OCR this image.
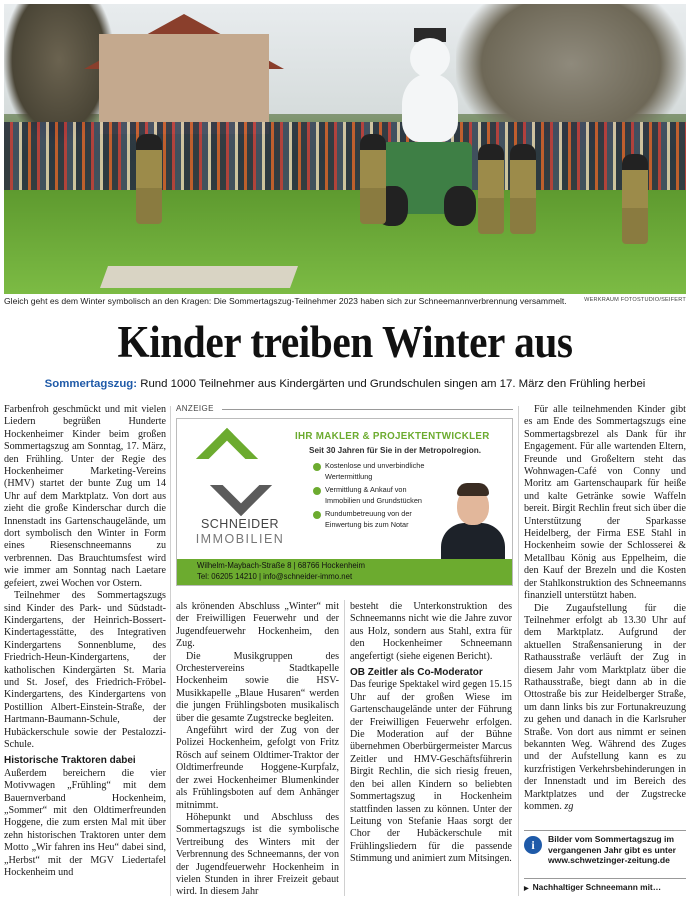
Gleich geht es dem Winter symbolisch an den Kragen: Die Sommertagszug-Teilnehmer 2023 haben sich zur Schneemannverbrennung versammelt.	WERKRAUM FOTOSTUDIO/SEIFERT
Kinder treiben Winter aus
Sommertagszug: Rund 1000 Teilnehmer aus Kindergärten und Grundschulen singen am 17. März den Frühling herbei

Farbenfroh geschmückt und mit vielen Liedern begrüßen Hunderte Hockenheimer Kinder beim großen Sommertagszug am Sonntag, 17. März, den Frühling. Unter der Regie des Hockenheimer Marketing-Vereins (HMV) startet der bunte Zug um 14 Uhr auf dem Marktplatz. Von dort aus zieht die große Kinderschar durch die Innenstadt ins Gartenschaugelände, um dort symbolisch den Winter in Form eines Riesenschneemanns zu verbrennen. Das Brauchtumsfest wird wie immer am Sonntag nach Laetare gefeiert, zwei Wochen vor Ostern.

Teilnehmer des Sommertagszugs sind Kinder des Park- und Südstadt-Kindergartens, der Heinrich-Bossert-Kindertagesstätte, des Integrativen Kindergartens Sonnenblume, des Friedrich-Heun-Kindergartens, der katholischen Kindergärten St. Maria und St. Josef, des Friedrich-Fröbel-Kindergartens, des Kindergartens von Postillion Albert-Einstein-Straße, der Hartmann-Baumann-Schule, der Hubäckerschule sowie der Pestalozzi-Schule.

Historische Traktoren dabei

Außerdem bereichern die vier Motivwagen „Frühling“ mit dem Bauernverband Hockenheim, „Sommer“ mit den Oldtimerfreunden Hoggene, die zum ersten Mal mit über zehn historischen Traktoren unter dem Motto „Wir fahren ins Heu“ dabei sind, „Herbst“ mit der MGV Liedertafel Hockenheim und

ANZEIGE
SCHNEIDER
IMMOBILIEN
IHR MAKLER & PROJEKTENTWICKLER
Seit 30 Jahren für Sie in der Metropolregion.
Kostenlose und unverbindliche Wertermittlung
Vermittlung & Ankauf von Immobilien und Grundstücken
Rundumbetreuung von der Einwertung bis zum Notar
Wilhelm-Maybach-Straße 8 | 68766 Hockenheim
Tel: 06205 14210 | info@schneider-immo.net

als krönenden Abschluss „Winter“ mit der Freiwilligen Feuerwehr und der Jugendfeuerwehr Hockenheim, den Zug.

Die Musikgruppen des Orchestervereins Stadtkapelle Hockenheim sowie die HSV-Musikkapelle „Blaue Husaren“ werden die jungen Frühlingsboten musikalisch über die gesamte Zugstrecke begleiten.

Angeführt wird der Zug von der Polizei Hockenheim, gefolgt von Fritz Rösch auf seinem Oldtimer-Traktor der Oldtimerfreunde Hoggene-Kurpfalz, der zwei Hockenheimer Blumenkinder als Frühlingsboten auf dem Anhänger mitnimmt.

Höhepunkt und Abschluss des Sommertagszugs ist die symbolische Vertreibung des Winters mit der Verbrennung des Schneemanns, der von der Jugendfeuerwehr Hockenheim in vielen Stunden in ihrer Freizeit gebaut wird. In diesem Jahr

besteht die Unterkonstruktion des Schneemanns nicht wie die Jahre zuvor aus Holz, sondern aus Stahl, extra für den Hockenheimer Schneemann angefertigt (siehe eigenen Bericht).

OB Zeitler als Co-Moderator

Das feurige Spektakel wird gegen 15.15 Uhr auf der großen Wiese im Gartenschaugelände unter der Führung der Freiwilligen Feuerwehr erfolgen. Die Moderation auf der Bühne übernehmen Oberbürgermeister Marcus Zeitler und HMV-Geschäftsführerin Birgit Rechlin, die sich riesig freuen, den bei allen Kindern so beliebten Sommertagszug in Hockenheim stattfinden lassen zu können. Unter der Leitung von Stefanie Haas sorgt der Chor der Hubäckerschule mit Frühlingsliedern für die passende Stimmung und animiert zum Mitsingen.

Für alle teilnehmenden Kinder gibt es am Ende des Sommertagszugs eine Sommertagsbrezel als Dank für ihr Engagement. Für alle wartenden Eltern, Freunde und Großeltern steht das Wohnwagen-Café von Conny und Moritz am Gartenschaupark für heiße und kalte Getränke sowie Waffeln bereit. Birgit Rechlin freut sich über die Unterstützung der Sparkasse Heidelberg, der Firma ESE Stahl in Hockenheim sowie der Schlosserei & Metallbau König aus Eppelheim, die den Kauf der Brezeln und die Kosten der Stahlkonstruktion des Schneemanns finanziell unterstützt haben.

Die Zugaufstellung für die Teilnehmer erfolgt ab 13.30 Uhr auf dem Marktplatz. Aufgrund der aktuellen Straßensanierung in der Rathausstraße verläuft der Zug in diesem Jahr vom Marktplatz über die Rathausstraße, biegt dann ab in die Ottostraße bis zur Heidelberger Straße, um dann links bis zur Fortunakreuzung zu gehen und danach in die Karlsruher Straße. Von dort aus nimmt er seinen bekannten Weg. Während des Zuges und der Aufstellung kann es zu kurzfristigen Verkehrsbehinderungen in der Innenstadt und im Bereich des Marktplatzes und der Zugstrecke kommen. zg

i	Bilder vom Sommertagszug im vergangenen Jahr gibt es unter www.schwetzinger-zeitung.de
▶ Nachhaltiger Schneemann mit…
